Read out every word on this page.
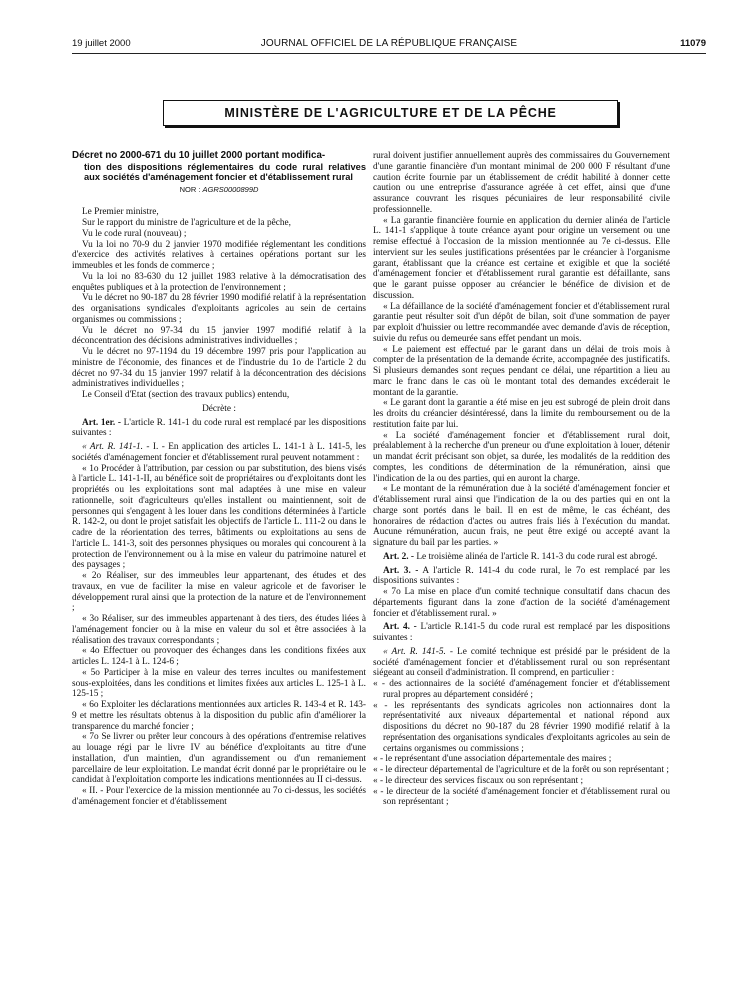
19 juillet 2000	JOURNAL OFFICIEL DE LA RÉPUBLIQUE FRANÇAISE	11079
MINISTÈRE DE L'AGRICULTURE ET DE LA PÊCHE

Décret no 2000-671 du 10 juillet 2000 portant modifica-
tion des dispositions réglementaires du code rural relatives aux sociétés d'aménagement foncier et d'établissement rural

NOR : AGRS0000899D

Le Premier ministre,

Sur le rapport du ministre de l'agriculture et de la pêche,

Vu le code rural (nouveau) ;

Vu la loi no 70-9 du 2 janvier 1970 modifiée réglementant les conditions d'exercice des activités relatives à certaines opérations portant sur les immeubles et les fonds de commerce ;

Vu la loi no 83-630 du 12 juillet 1983 relative à la démocratisation des enquêtes publiques et à la protection de l'environnement ;

Vu le décret no 90-187 du 28 février 1990 modifié relatif à la représentation des organisations syndicales d'exploitants agricoles au sein de certains organismes ou commissions ;

Vu le décret no 97-34 du 15 janvier 1997 modifié relatif à la déconcentration des décisions administratives individuelles ;

Vu le décret no 97-1194 du 19 décembre 1997 pris pour l'application au ministre de l'économie, des finances et de l'industrie du 1o de l'article 2 du décret no 97-34 du 15 janvier 1997 relatif à la déconcentration des décisions administratives individuelles ;

Le Conseil d'Etat (section des travaux publics) entendu,

Décrète :

Art. 1er. - L'article R. 141-1 du code rural est remplacé par les dispositions suivantes :

« Art. R. 141-1. - I. - En application des articles L. 141-1 à L. 141-5, les sociétés d'aménagement foncier et d'établissement rural peuvent notamment :

« 1o Procéder à l'attribution, par cession ou par substitution, des biens visés à l'article L. 141-1-II, au bénéfice soit de propriétaires ou d'exploitants dont les propriétés ou les exploitations sont mal adaptées à une mise en valeur rationnelle, soit d'agriculteurs qu'elles installent ou maintiennent, soit de personnes qui s'engagent à les louer dans les conditions déterminées à l'article R. 142-2, ou dont le projet satisfait les objectifs de l'article L. 111-2 ou dans le cadre de la réorientation des terres, bâtiments ou exploitations au sens de l'article L. 141-3, soit des personnes physiques ou morales qui concourent à la protection de l'environnement ou à la mise en valeur du patrimoine naturel et des paysages ;

« 2o Réaliser, sur des immeubles leur appartenant, des études et des travaux, en vue de faciliter la mise en valeur agricole et de favoriser le développement rural ainsi que la protection de la nature et de l'environnement ;

« 3o Réaliser, sur des immeubles appartenant à des tiers, des études liées à l'aménagement foncier ou à la mise en valeur du sol et être associées à la réalisation des travaux correspondants ;

« 4o Effectuer ou provoquer des échanges dans les conditions fixées aux articles L. 124-1 à L. 124-6 ;

« 5o Participer à la mise en valeur des terres incultes ou manifestement sous-exploitées, dans les conditions et limites fixées aux articles L. 125-1 à L. 125-15 ;

« 6o Exploiter les déclarations mentionnées aux articles R. 143-4 et R. 143-9 et mettre les résultats obtenus à la disposition du public afin d'améliorer la transparence du marché foncier ;

« 7o Se livrer ou prêter leur concours à des opérations d'entremise relatives au louage régi par le livre IV au bénéfice d'exploitants au titre d'une installation, d'un maintien, d'un agrandissement ou d'un remaniement parcellaire de leur exploitation. Le mandat écrit donné par le propriétaire ou le candidat à l'exploitation comporte les indications mentionnées au II ci-dessus.

« II. - Pour l'exercice de la mission mentionnée au 7o ci-dessus, les sociétés d'aménagement foncier et d'établissement

rural doivent justifier annuellement auprès des commissaires du Gouvernement d'une garantie financière d'un montant minimal de 200 000 F résultant d'une caution écrite fournie par un établissement de crédit habilité à donner cette caution ou une entreprise d'assurance agréée à cet effet, ainsi que d'une assurance couvrant les risques pécuniaires de leur responsabilité civile professionnelle.

« La garantie financière fournie en application du dernier alinéa de l'article L. 141-1 s'applique à toute créance ayant pour origine un versement ou une remise effectué à l'occasion de la mission mentionnée au 7e ci-dessus. Elle intervient sur les seules justifications présentées par le créancier à l'organisme garant, établissant que la créance est certaine et exigible et que la société d'aménagement foncier et d'établissement rural garantie est défaillante, sans que le garant puisse opposer au créancier le bénéfice de division et de discussion.

« La défaillance de la société d'aménagement foncier et d'établissement rural garantie peut résulter soit d'un dépôt de bilan, soit d'une sommation de payer par exploit d'huissier ou lettre recommandée avec demande d'avis de réception, suivie du refus ou demeurée sans effet pendant un mois.

« Le paiement est effectué par le garant dans un délai de trois mois à compter de la présentation de la demande écrite, accompagnée des justificatifs. Si plusieurs demandes sont reçues pendant ce délai, une répartition a lieu au marc le franc dans le cas où le montant total des demandes excéderait le montant de la garantie.

« Le garant dont la garantie a été mise en jeu est subrogé de plein droit dans les droits du créancier désintéressé, dans la limite du remboursement ou de la restitution faite par lui.

« La société d'aménagement foncier et d'établissement rural doit, préalablement à la recherche d'un preneur ou d'une exploitation à louer, détenir un mandat écrit précisant son objet, sa durée, les modalités de la reddition des comptes, les conditions de détermination de la rémunération, ainsi que l'indication de la ou des parties, qui en auront la charge.

« Le montant de la rémunération due à la société d'aménagement foncier et d'établissement rural ainsi que l'indication de la ou des parties qui en ont la charge sont portés dans le bail. Il en est de même, le cas échéant, des honoraires de rédaction d'actes ou autres frais liés à l'exécution du mandat. Aucune rémunération, aucun frais, ne peut être exigé ou accepté avant la signature du bail par les parties. »

Art. 2. - Le troisième alinéa de l'article R. 141-3 du code rural est abrogé.

Art. 3. - A l'article R. 141-4 du code rural, le 7o est remplacé par les dispositions suivantes :

« 7o La mise en place d'un comité technique consultatif dans chacun des départements figurant dans la zone d'action de la société d'aménagement foncier et d'établissement rural. »

Art. 4. - L'article R.141-5 du code rural est remplacé par les dispositions suivantes :

« Art. R. 141-5. - Le comité technique est présidé par le président de la société d'aménagement foncier et d'établissement rural ou son représentant siégeant au conseil d'administration. Il comprend, en particulier :

« - des actionnaires de la société d'aménagement foncier et d'établissement rural propres au département considéré ;

« - les représentants des syndicats agricoles non actionnaires dont la représentativité aux niveaux départemental et national répond aux dispositions du décret no 90-187 du 28 février 1990 modifié relatif à la représentation des organisations syndicales d'exploitants agricoles au sein de certains organismes ou commissions ;

« - le représentant d'une association départementale des maires ;

« - le directeur départemental de l'agriculture et de la forêt ou son représentant ;

« - le directeur des services fiscaux ou son représentant ;

« - le directeur de la société d'aménagement foncier et d'établissement rural ou son représentant ;
